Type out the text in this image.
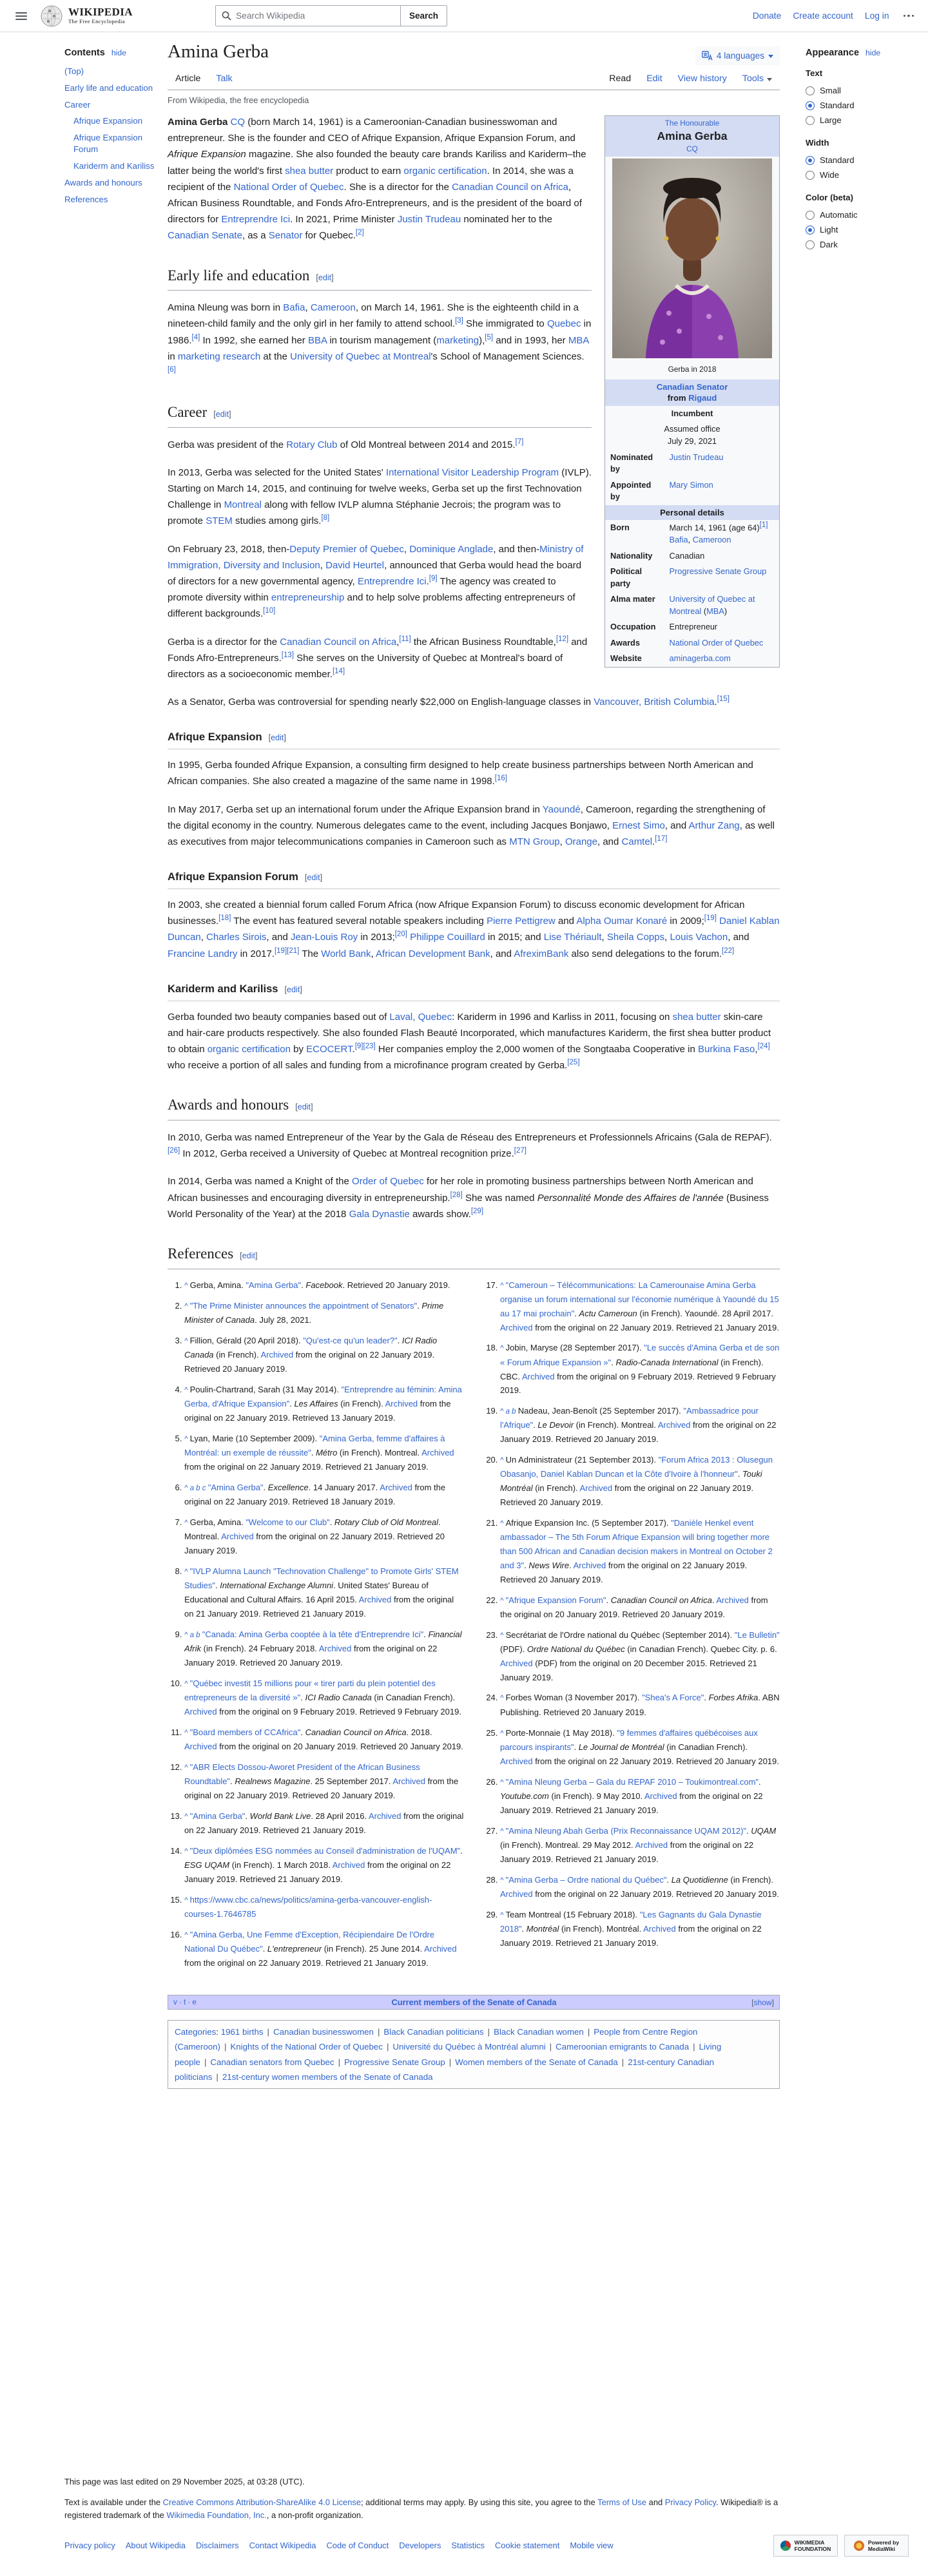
WIKIPEDIA
The Free Encyclopedia
Search Wikipedia	Search	Donate Create account Log in
Contents hide
(Top)
Early life and education
Career
Afrique Expansion
Afrique Expansion Forum
Kariderm and Kariliss
Awards and honours
References
Amina Gerba	4 languages
Article Talk	Read Edit View history Tools
From Wikipedia, the free encyclopedia
The Honourable
Amina Gerba
CQ	

Gerba in 2018	

Canadian Senator
from Rigaud	

Incumbent	

Assumed office
July 29, 2021	

Nominated by	Justin Trudeau
Appointed by	Mary Simon
Personal details	
Born	March 14, 1961 (age 64)[1]
Bafia, Cameroon
Nationality	Canadian
Political party	Progressive Senate Group
Alma mater	University of Quebec at Montreal (MBA)
Occupation	Entrepreneur
Awards	National Order of Quebec
Website	aminagerba.com

Amina Gerba CQ (born March 14, 1961) is a Cameroonian-Canadian businesswoman and entrepreneur. She is the founder and CEO of Afrique Expansion, Afrique Expansion Forum, and Afrique Expansion magazine. She also founded the beauty care brands Kariliss and Kariderm–the latter being the world's first shea butter product to earn organic certification. In 2014, she was a recipient of the National Order of Quebec. She is a director for the Canadian Council on Africa, African Business Roundtable, and Fonds Afro-Entrepreneurs, and is the president of the board of directors for Entreprendre Ici. In 2021, Prime Minister Justin Trudeau nominated her to the Canadian Senate, as a Senator for Quebec.[2]

Early life and education [edit]

Amina Nleung was born in Bafia, Cameroon, on March 14, 1961. She is the eighteenth child in a nineteen-child family and the only girl in her family to attend school.[3] She immigrated to Quebec in 1986.[4] In 1992, she earned her BBA in tourism management (marketing),[5] and in 1993, her MBA in marketing research at the University of Quebec at Montreal's School of Management Sciences.[6]

Career [edit]

Gerba was president of the Rotary Club of Old Montreal between 2014 and 2015.[7]

In 2013, Gerba was selected for the United States' International Visitor Leadership Program (IVLP). Starting on March 14, 2015, and continuing for twelve weeks, Gerba set up the first Technovation Challenge in Montreal along with fellow IVLP alumna Stéphanie Jecrois; the program was to promote STEM studies among girls.[8]

On February 23, 2018, then-Deputy Premier of Quebec, Dominique Anglade, and then-Ministry of Immigration, Diversity and Inclusion, David Heurtel, announced that Gerba would head the board of directors for a new governmental agency, Entreprendre Ici.[9] The agency was created to promote diversity within entrepreneurship and to help solve problems affecting entrepreneurs of different backgrounds.[10]

Gerba is a director for the Canadian Council on Africa,[11] the African Business Roundtable,[12] and Fonds Afro-Entrepreneurs.[13] She serves on the University of Quebec at Montreal's board of directors as a socioeconomic member.[14]

As a Senator, Gerba was controversial for spending nearly $22,000 on English-language classes in Vancouver, British Columbia.[15]

Afrique Expansion [edit]

In 1995, Gerba founded Afrique Expansion, a consulting firm designed to help create business partnerships between North American and African companies. She also created a magazine of the same name in 1998.[16]

In May 2017, Gerba set up an international forum under the Afrique Expansion brand in Yaoundé, Cameroon, regarding the strengthening of the digital economy in the country. Numerous delegates came to the event, including Jacques Bonjawo, Ernest Simo, and Arthur Zang, as well as executives from major telecommunications companies in Cameroon such as MTN Group, Orange, and Camtel.[17]

Afrique Expansion Forum [edit]

In 2003, she created a biennial forum called Forum Africa (now Afrique Expansion Forum) to discuss economic development for African businesses.[18] The event has featured several notable speakers including Pierre Pettigrew and Alpha Oumar Konaré in 2009;[19] Daniel Kablan Duncan, Charles Sirois, and Jean-Louis Roy in 2013;[20] Philippe Couillard in 2015; and Lise Thériault, Sheila Copps, Louis Vachon, and Francine Landry in 2017.[19][21] The World Bank, African Development Bank, and AfreximBank also send delegations to the forum.[22]

Kariderm and Kariliss [edit]

Gerba founded two beauty companies based out of Laval, Quebec: Kariderm in 1996 and Karliss in 2011, focusing on shea butter skin-care and hair-care products respectively. She also founded Flash Beauté Incorporated, which manufactures Kariderm, the first shea butter product to obtain organic certification by ECOCERT.[9][23] Her companies employ the 2,000 women of the Songtaaba Cooperative in Burkina Faso,[24] who receive a portion of all sales and funding from a microfinance program created by Gerba.[25]

Awards and honours [edit]

In 2010, Gerba was named Entrepreneur of the Year by the Gala de Réseau des Entrepreneurs et Professionnels Africains (Gala de REPAF).[26] In 2012, Gerba received a University of Quebec at Montreal recognition prize.[27]

In 2014, Gerba was named a Knight of the Order of Quebec for her role in promoting business partnerships between North American and African businesses and encouraging diversity in entrepreneurship.[28] She was named Personnalité Monde des Affaires de l'année (Business World Personality of the Year) at the 2018 Gala Dynastie awards show.[29]

References [edit]
1. ^ Gerba, Amina. "Amina Gerba". Facebook. Retrieved 20 January 2019.
2. ^ "The Prime Minister announces the appointment of Senators". Prime Minister of Canada. July 28, 2021.
3. ^ Fillion, Gérald (20 April 2018). "Qu'est-ce qu'un leader?". ICI Radio Canada (in French). Archived from the original on 22 January 2019. Retrieved 20 January 2019.
4. ^ Poulin-Chartrand, Sarah (31 May 2014). "Entreprendre au féminin: Amina Gerba, d'Afrique Expansion". Les Affaires (in French). Archived from the original on 22 January 2019. Retrieved 13 January 2019.
5. ^ Lyan, Marie (10 September 2009). "Amina Gerba, femme d'affaires à Montréal: un exemple de réussite". Métro (in French). Montreal. Archived from the original on 22 January 2019. Retrieved 21 January 2019.
6. ^ a b c "Amina Gerba". Excellence. 14 January 2017. Archived from the original on 22 January 2019. Retrieved 18 January 2019.
7. ^ Gerba, Amina. "Welcome to our Club". Rotary Club of Old Montreal. Montreal. Archived from the original on 22 January 2019. Retrieved 20 January 2019.
8. ^ "IVLP Alumna Launch "Technovation Challenge" to Promote Girls' STEM Studies". International Exchange Alumni. United States' Bureau of Educational and Cultural Affairs. 16 April 2015. Archived from the original on 21 January 2019. Retrieved 21 January 2019.
9. ^ a b "Canada: Amina Gerba cooptée à la tête d'Entreprendre Ici". Financial Afrik (in French). 24 February 2018. Archived from the original on 22 January 2019. Retrieved 20 January 2019.
10. ^ "Québec investit 15 millions pour « tirer parti du plein potentiel des entrepreneurs de la diversité »". ICI Radio Canada (in Canadian French). Archived from the original on 9 February 2019. Retrieved 9 February 2019.
11. ^ "Board members of CCAfrica". Canadian Council on Africa. 2018. Archived from the original on 20 January 2019. Retrieved 20 January 2019.
12. ^ "ABR Elects Dossou-Aworet President of the African Business Roundtable". Realnews Magazine. 25 September 2017. Archived from the original on 22 January 2019. Retrieved 20 January 2019.
13. ^ "Amina Gerba". World Bank Live. 28 April 2016. Archived from the original on 22 January 2019. Retrieved 21 January 2019.
14. ^ "Deux diplômées ESG nommées au Conseil d'administration de l'UQAM". ESG UQAM (in French). 1 March 2018. Archived from the original on 22 January 2019. Retrieved 21 January 2019.
15. ^ https://www.cbc.ca/news/politics/amina-gerba-vancouver-english-courses-1.7646785
16. ^ "Amina Gerba, Une Femme d'Exception, Récipiendaire De l'Ordre National Du Québec". L'entrepreneur (in French). 25 June 2014. Archived from the original on 22 January 2019. Retrieved 21 January 2019.
17. ^ "Cameroun – Télécommunications: La Camerounaise Amina Gerba organise un forum international sur l'économie numérique à Yaoundé du 15 au 17 mai prochain". Actu Cameroun (in French). Yaoundé. 28 April 2017. Archived from the original on 22 January 2019. Retrieved 21 January 2019.
18. ^ Jobin, Maryse (28 September 2017). "Le succès d'Amina Gerba et de son « Forum Afrique Expansion »". Radio-Canada International (in French). CBC. Archived from the original on 9 February 2019. Retrieved 9 February 2019.
19. ^ a b Nadeau, Jean-Benoît (25 September 2017). "Ambassadrice pour l'Afrique". Le Devoir (in French). Montreal. Archived from the original on 22 January 2019. Retrieved 20 January 2019.
20. ^ Un Administrateur (21 September 2013). "Forum Africa 2013 : Olusegun Obasanjo, Daniel Kablan Duncan et la Côte d'Ivoire à l'honneur". Touki Montréal (in French). Archived from the original on 22 January 2019. Retrieved 20 January 2019.
21. ^ Afrique Expansion Inc. (5 September 2017). "Danièle Henkel event ambassador – The 5th Forum Afrique Expansion will bring together more than 500 African and Canadian decision makers in Montreal on October 2 and 3". News Wire. Archived from the original on 22 January 2019. Retrieved 20 January 2019.
22. ^ "Afrique Expansion Forum". Canadian Council on Africa. Archived from the original on 20 January 2019. Retrieved 20 January 2019.
23. ^ Secrétariat de l'Ordre national du Québec (September 2014). "Le Bulletin" (PDF). Ordre National du Québec (in Canadian French). Quebec City. p. 6. Archived (PDF) from the original on 20 December 2015. Retrieved 21 January 2019.
24. ^ Forbes Woman (3 November 2017). "Shea's A Force". Forbes Afrika. ABN Publishing. Retrieved 20 January 2019.
25. ^ Porte-Monnaie (1 May 2018). "9 femmes d'affaires québécoises aux parcours inspirants". Le Journal de Montréal (in Canadian French). Archived from the original on 22 January 2019. Retrieved 20 January 2019.
26. ^ "Amina Nleung Gerba – Gala du REPAF 2010 – Toukimontreal.com". Youtube.com (in French). 9 May 2010. Archived from the original on 22 January 2019. Retrieved 21 January 2019.
27. ^ "Amina Nleung Abah Gerba (Prix Reconnaissance UQAM 2012)". UQAM (in French). Montreal. 29 May 2012. Archived from the original on 22 January 2019. Retrieved 21 January 2019.
28. ^ "Amina Gerba – Ordre national du Québec". La Quotidienne (in French). Archived from the original on 22 January 2019. Retrieved 20 January 2019.
29. ^ Team Montreal (15 February 2018). "Les Gagnants du Gala Dynastie 2018". Montréal (in French). Montréal. Archived from the original on 22 January 2019. Retrieved 21 January 2019.
v · t · e	Current members of the Senate of Canada	[show]
Categories: 1961 births | Canadian businesswomen | Black Canadian politicians | Black Canadian women | People from Centre Region (Cameroon) | Knights of the National Order of Quebec | Université du Québec à Montréal alumni | Cameroonian emigrants to Canada | Living people | Canadian senators from Quebec | Progressive Senate Group | Women members of the Senate of Canada | 21st-century Canadian politicians | 21st-century women members of the Senate of Canada
Appearance hide
Text
Small
Standard
Large
Width
Standard
Wide
Color (beta)
Automatic
Light
Dark
This page was last edited on 29 November 2025, at 03:28 (UTC).
Text is available under the Creative Commons Attribution-ShareAlike 4.0 License; additional terms may apply. By using this site, you agree to the Terms of Use and Privacy Policy. Wikipedia® is a registered trademark of the Wikimedia Foundation, Inc., a non-profit organization.
Privacy policy About Wikipedia Disclaimers Contact Wikipedia Code of Conduct Developers Statistics Cookie statement Mobile view	WIKIMEDIA
FOUNDATION
Powered by
MediaWiki
